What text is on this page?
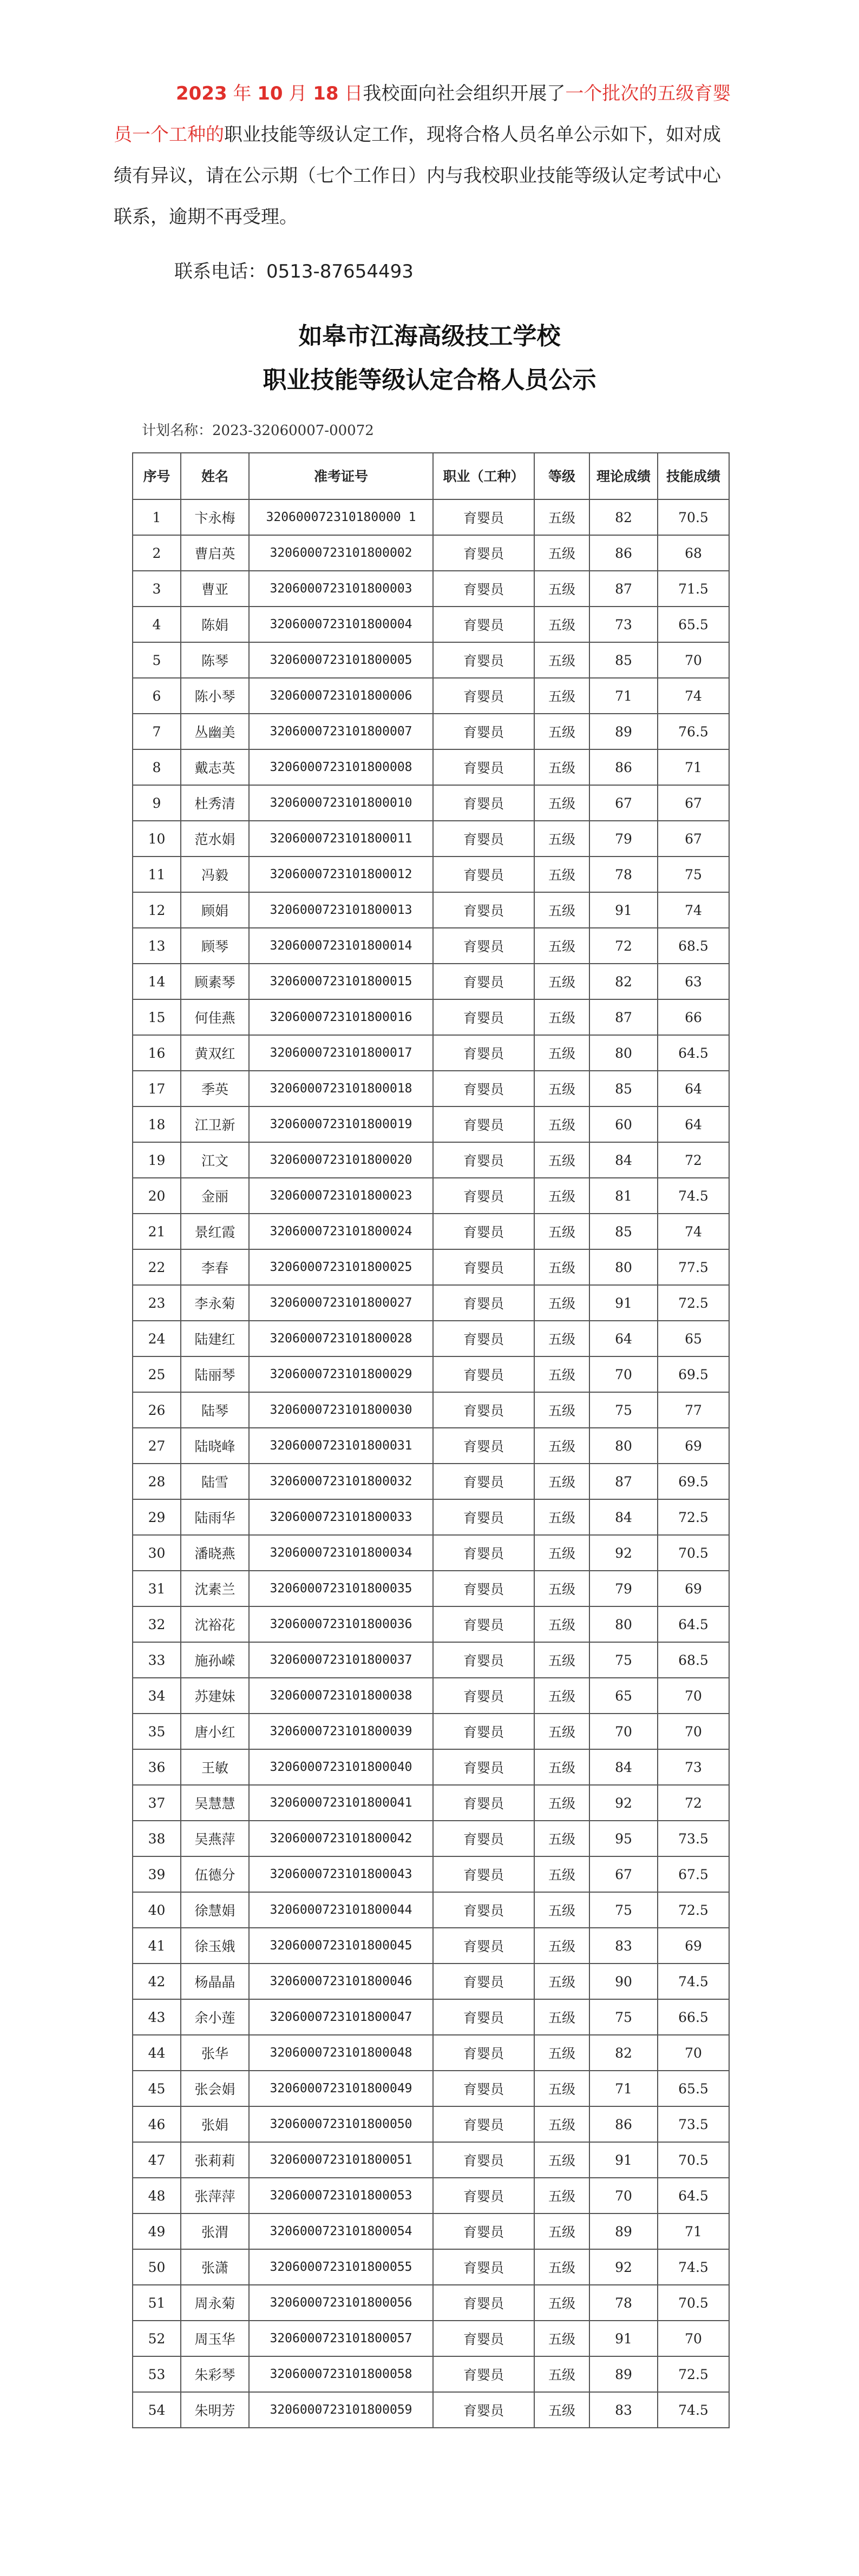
2023 年 10 月 18 日我校面向社会组织开展了一个批次的五级育婴员一个工种的职业技能等级认定工作，现将合格人员名单公示如下，如对成绩有异议，请在公示期（七个工作日）内与我校职业技能等级认定考试中心联系，逾期不再受理。

联系电话：0513-87654493
如皋市江海高级技工学校
职业技能等级认定合格人员公示
计划名称：2023-32060007-00072
序号	姓名	准考证号	职业（工种）	等级	理论成绩	技能成绩
1	卞永梅	320600072310180000 1	育婴员	五级	82	70.5
2	曹启英	3206000723101800002	育婴员	五级	86	68
3	曹亚	3206000723101800003	育婴员	五级	87	71.5
4	陈娟	3206000723101800004	育婴员	五级	73	65.5
5	陈琴	3206000723101800005	育婴员	五级	85	70
6	陈小琴	3206000723101800006	育婴员	五级	71	74
7	丛幽美	3206000723101800007	育婴员	五级	89	76.5
8	戴志英	3206000723101800008	育婴员	五级	86	71
9	杜秀清	3206000723101800010	育婴员	五级	67	67
10	范水娟	3206000723101800011	育婴员	五级	79	67
11	冯毅	3206000723101800012	育婴员	五级	78	75
12	顾娟	3206000723101800013	育婴员	五级	91	74
13	顾琴	3206000723101800014	育婴员	五级	72	68.5
14	顾素琴	3206000723101800015	育婴员	五级	82	63
15	何佳燕	3206000723101800016	育婴员	五级	87	66
16	黄双红	3206000723101800017	育婴员	五级	80	64.5
17	季英	3206000723101800018	育婴员	五级	85	64
18	江卫新	3206000723101800019	育婴员	五级	60	64
19	江文	3206000723101800020	育婴员	五级	84	72
20	金丽	3206000723101800023	育婴员	五级	81	74.5
21	景红霞	3206000723101800024	育婴员	五级	85	74
22	李春	3206000723101800025	育婴员	五级	80	77.5
23	李永菊	3206000723101800027	育婴员	五级	91	72.5
24	陆建红	3206000723101800028	育婴员	五级	64	65
25	陆丽琴	3206000723101800029	育婴员	五级	70	69.5
26	陆琴	3206000723101800030	育婴员	五级	75	77
27	陆晓峰	3206000723101800031	育婴员	五级	80	69
28	陆雪	3206000723101800032	育婴员	五级	87	69.5
29	陆雨华	3206000723101800033	育婴员	五级	84	72.5
30	潘晓燕	3206000723101800034	育婴员	五级	92	70.5
31	沈素兰	3206000723101800035	育婴员	五级	79	69
32	沈裕花	3206000723101800036	育婴员	五级	80	64.5
33	施孙嵘	3206000723101800037	育婴员	五级	75	68.5
34	苏建妹	3206000723101800038	育婴员	五级	65	70
35	唐小红	3206000723101800039	育婴员	五级	70	70
36	王敏	3206000723101800040	育婴员	五级	84	73
37	吴慧慧	3206000723101800041	育婴员	五级	92	72
38	吴燕萍	3206000723101800042	育婴员	五级	95	73.5
39	伍德分	3206000723101800043	育婴员	五级	67	67.5
40	徐慧娟	3206000723101800044	育婴员	五级	75	72.5
41	徐玉娥	3206000723101800045	育婴员	五级	83	69
42	杨晶晶	3206000723101800046	育婴员	五级	90	74.5
43	余小莲	3206000723101800047	育婴员	五级	75	66.5
44	张华	3206000723101800048	育婴员	五级	82	70
45	张会娟	3206000723101800049	育婴员	五级	71	65.5
46	张娟	3206000723101800050	育婴员	五级	86	73.5
47	张莉莉	3206000723101800051	育婴员	五级	91	70.5
48	张萍萍	3206000723101800053	育婴员	五级	70	64.5
49	张渭	3206000723101800054	育婴员	五级	89	71
50	张潇	3206000723101800055	育婴员	五级	92	74.5
51	周永菊	3206000723101800056	育婴员	五级	78	70.5
52	周玉华	3206000723101800057	育婴员	五级	91	70
53	朱彩琴	3206000723101800058	育婴员	五级	89	72.5
54	朱明芳	3206000723101800059	育婴员	五级	83	74.5
